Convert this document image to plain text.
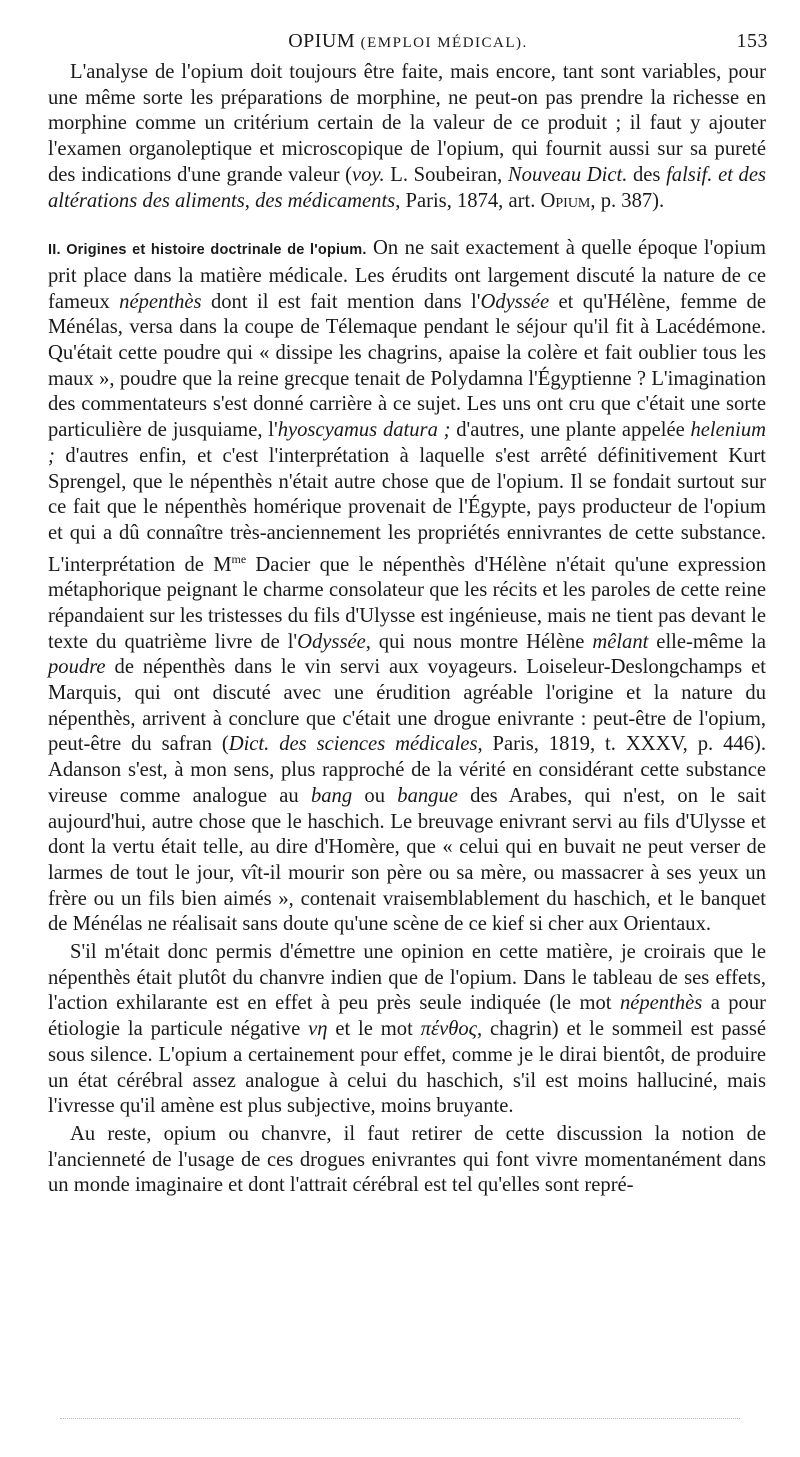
OPIUM (EMPLOI MÉDICAL).	153

L'analyse de l'opium doit toujours être faite, mais encore, tant sont variables, pour une même sorte les préparations de morphine, ne peut-on pas prendre la richesse en morphine comme un critérium certain de la valeur de ce produit ; il faut y ajouter l'examen organoleptique et microscopique de l'opium, qui fournit aussi sur sa pureté des indications d'une grande valeur (voy. L. Soubeiran, Nouveau Dict. des falsif. et des altérations des aliments, des médicaments, Paris, 1874, art. Opium, p. 387).

II. Origines et histoire doctrinale de l'opium. On ne sait exactement à quelle époque l'opium prit place dans la matière médicale. Les érudits ont largement discuté la nature de ce fameux népenthès dont il est fait mention dans l'Odyssée et qu'Hélène, femme de Ménélas, versa dans la coupe de Télemaque pendant le séjour qu'il fit à Lacédémone. Qu'était cette poudre qui « dissipe les chagrins, apaise la colère et fait oublier tous les maux », poudre que la reine grecque tenait de Polydamna l'Égyptienne ? L'imagination des commentateurs s'est donné carrière à ce sujet. Les uns ont cru que c'était une sorte particulière de jusquiame, l'hyoscyamus datura ; d'autres, une plante appelée helenium ; d'autres enfin, et c'est l'interprétation à laquelle s'est arrêté définitivement Kurt Sprengel, que le népenthès n'était autre chose que de l'opium. Il se fondait surtout sur ce fait que le népenthès homérique provenait de l'Égypte, pays producteur de l'opium et qui a dû connaître très-anciennement les propriétés ennivrantes de cette substance. L'interprétation de $M^{me}$ Dacier que le népenthès d'Hélène n'était qu'une expression métaphorique peignant le charme consolateur que les récits et les paroles de cette reine répandaient sur les tristesses du fils d'Ulysse est ingénieuse, mais ne tient pas devant le texte du quatrième livre de l'Odyssée, qui nous montre Hélène mêlant elle-même la poudre de népenthès dans le vin servi aux voyageurs. Loiseleur-Deslongchamps et Marquis, qui ont discuté avec une érudition agréable l'origine et la nature du népenthès, arrivent à conclure que c'était une drogue enivrante : peut-être de l'opium, peut-être du safran (Dict. des sciences médicales, Paris, 1819, t. XXXV, p. 446). Adanson s'est, à mon sens, plus rapproché de la vérité en considérant cette substance vireuse comme analogue au bang ou bangue des Arabes, qui n'est, on le sait aujourd'hui, autre chose que le haschich. Le breuvage enivrant servi au fils d'Ulysse et dont la vertu était telle, au dire d'Homère, que « celui qui en buvait ne peut verser de larmes de tout le jour, vît-il mourir son père ou sa mère, ou massacrer à ses yeux un frère ou un fils bien aimés », contenait vraisemblablement du haschich, et le banquet de Ménélas ne réalisait sans doute qu'une scène de ce kief si cher aux Orientaux.

S'il m'était donc permis d'émettre une opinion en cette matière, je croirais que le népenthès était plutôt du chanvre indien que de l'opium. Dans le tableau de ses effets, l'action exhilarante est en effet à peu près seule indiquée (le mot népenthès a pour étiologie la particule négative νη et le mot πένθος, chagrin) et le sommeil est passé sous silence. L'opium a certainement pour effet, comme je le dirai bientôt, de produire un état cérébral assez analogue à celui du haschich, s'il est moins halluciné, mais l'ivresse qu'il amène est plus subjective, moins bruyante.

Au reste, opium ou chanvre, il faut retirer de cette discussion la notion de l'ancienneté de l'usage de ces drogues enivrantes qui font vivre momentanément dans un monde imaginaire et dont l'attrait cérébral est tel qu'elles sont repré-
